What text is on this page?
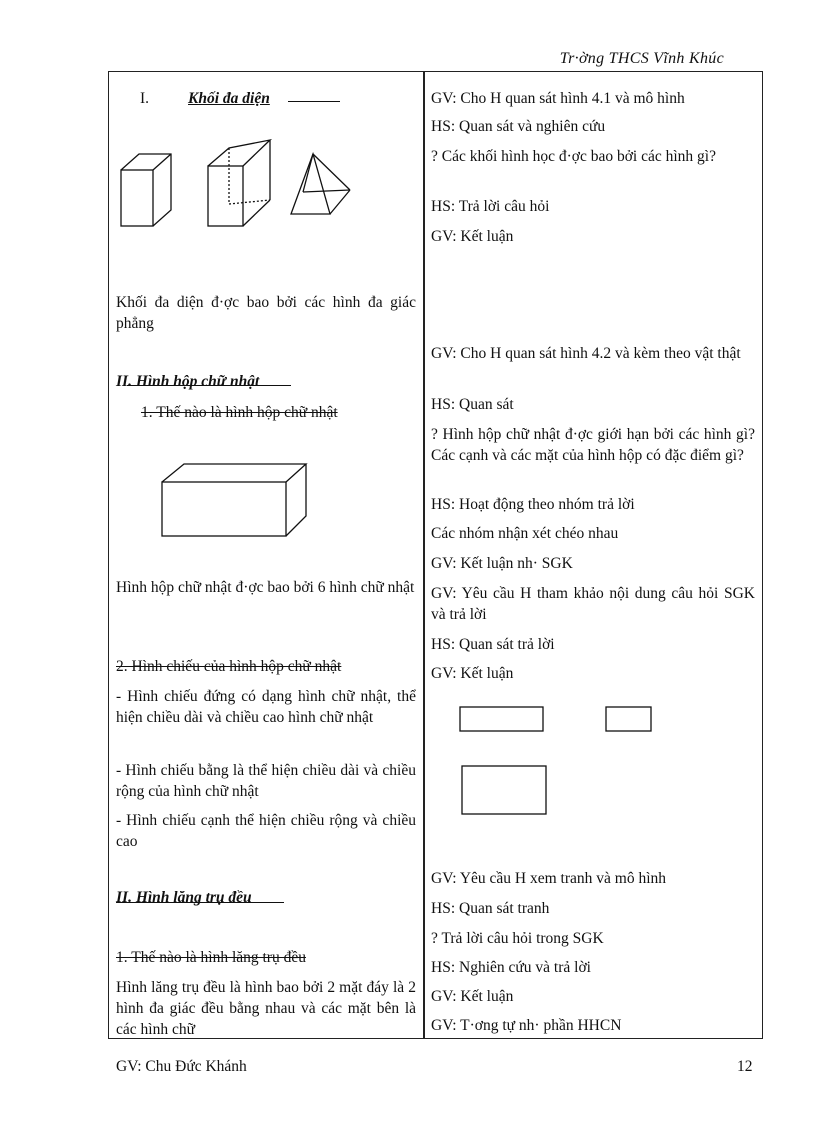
Tr·ờng THCS Vĩnh Khúc
I.	Khối đa diện
Khối đa diện đ·ợc bao bởi các hình đa giác phẳng
II. Hình hộp chữ nhật
1. Thế nào là hình hộp chữ nhật
Hình hộp chữ nhật đ·ợc bao bởi 6 hình chữ nhật
2. Hình chiếu của hình hộp chữ nhật
- Hình chiếu đứng có dạng hình chữ nhật, thể hiện chiều dài và chiều cao hình chữ nhật
- Hình chiếu bằng là thể hiện chiều dài và chiều rộng của hình chữ nhật
- Hình chiếu cạnh thể hiện chiều rộng và chiều cao
II. Hình lăng trụ đều
1. Thế nào là hình lăng trụ đều
Hình lăng trụ đều là hình bao bởi 2 mặt đáy là 2 hình đa giác đều bằng nhau và các mặt bên là các hình chữ
GV: Cho H quan sát hình 4.1 và mô hình
HS: Quan sát và nghiên cứu
? Các khối hình học đ·ợc bao bởi các hình gì?
HS: Trả lời câu hỏi
GV: Kết luận
GV: Cho H quan sát hình 4.2 và kèm theo vật thật
HS: Quan sát
? Hình hộp chữ nhật đ·ợc giới hạn bởi các hình gì? Các cạnh và các mặt của hình hộp có đặc điểm gì?
HS: Hoạt động theo nhóm trả lời
Các nhóm nhận xét chéo nhau
GV: Kết luận nh· SGK
GV: Yêu cầu H tham khảo nội dung câu hỏi SGK và trả lời
HS: Quan sát trả lời
GV: Kết luận
GV: Yêu cầu H xem tranh và mô hình
HS: Quan sát tranh
? Trả lời câu hỏi trong SGK
HS: Nghiên cứu và trả lời
GV: Kết luận
GV: T·ơng tự nh· phần HHCN
GV: Chu Đức Khánh	12
